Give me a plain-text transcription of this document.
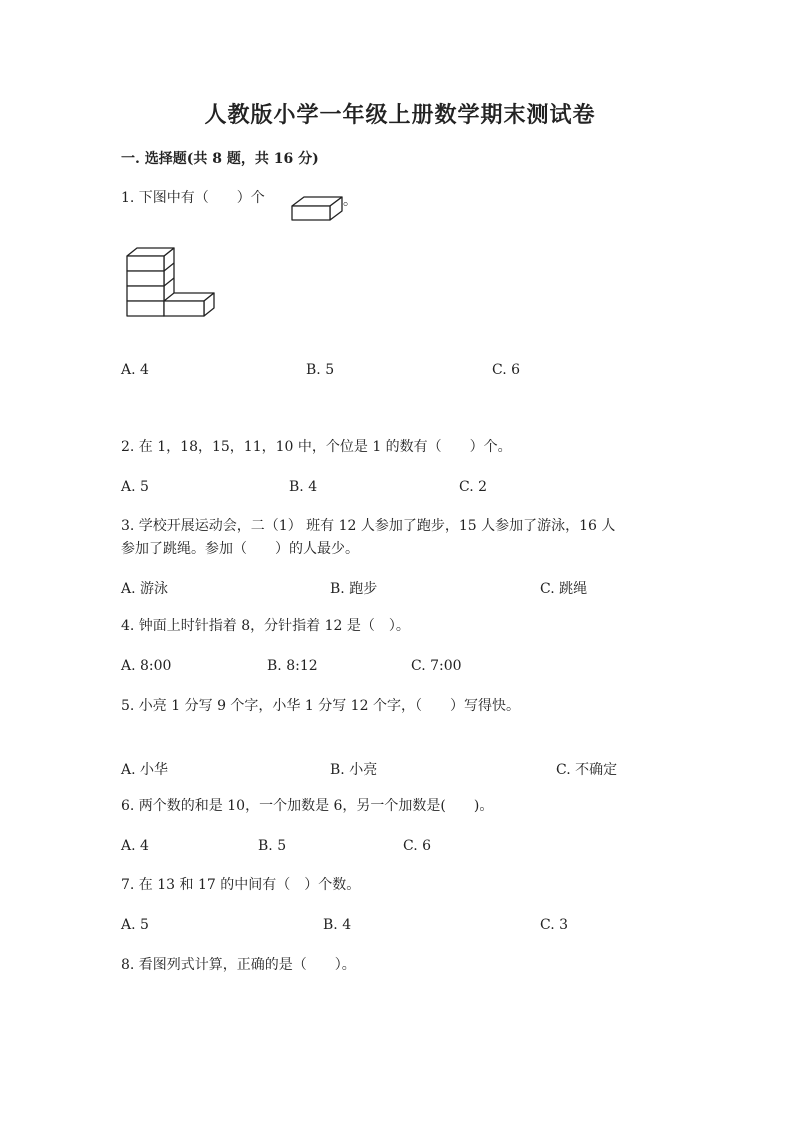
人教版小学一年级上册数学期末测试卷
一. 选择题(共 8 题，共 16 分)
1. 下图中有（　　）个	。
A. 4	B. 5	C. 6
2. 在 1，18，15，11，10 中，个位是 1 的数有（　　）个。
A. 5	B. 4	C. 2
3. 学校开展运动会，二（1） 班有 12 人参加了跑步，15 人参加了游泳，16 人
参加了跳绳。参加（　　）的人最少。
A. 游泳	B. 跑步	C. 跳绳
4. 钟面上时针指着 8，分针指着 12 是（　）。
A. 8:00	B. 8:12	C. 7:00
5. 小亮 1 分写 9 个字，小华 1 分写 12 个字，（　　）写得快。
A. 小华	B. 小亮	C. 不确定
6. 两个数的和是 10，一个加数是 6，另一个加数是(　　)。
A. 4	B. 5	C. 6
7. 在 13 和 17 的中间有（　）个数。
A. 5	B. 4	C. 3
8. 看图列式计算，正确的是（　　）。
